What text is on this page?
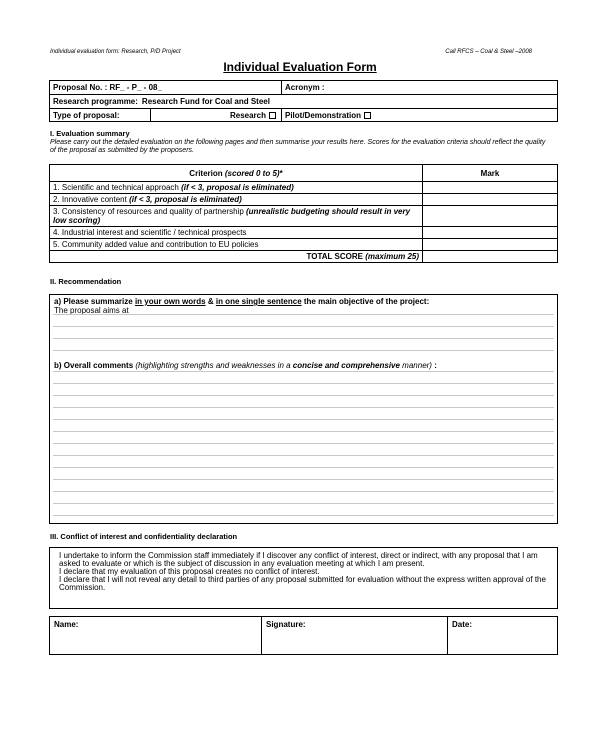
Individual evaluation form: Research, P/D Project	Call RFCS – Coal & Steel –2008
Individual Evaluation Form
Proposal No. : RF_ - P_ - 08_	Acronym :
Research programme: Research Fund for Coal and Steel
Type of proposal:	Research Pilot/Demonstration
I. Evaluation summary
Please carry out the detailed evaluation on the following pages and then summarise your results here. Scores for the evaluation criteria should reflect the quality of the proposal as submitted by the proposers.
Criterion (scored 0 to 5)*	Mark
1. Scientific and technical approach (if < 3, proposal is eliminated)	
2. Innovative content (if < 3, proposal is eliminated)	
3. Consistency of resources and quality of partnership (unrealistic budgeting should result in very low scoring)	
4. Industrial interest and scientific / technical prospects	
5. Community added value and contribution to EU policies	
TOTAL SCORE (maximum 25)	
II. Recommendation
a) Please summarize in your own words & in one single sentence the main objective of the project:
The proposal aims at
b) Overall comments (highlighting strengths and weaknesses in a concise and comprehensive manner) :
III. Conflict of interest and confidentiality declaration
I undertake to inform the Commission staff immediately if I discover any conflict of interest, direct or indirect, with any proposal that I am asked to evaluate or which is the subject of discussion in any evaluation meeting at which I am present.
I declare that my evaluation of this proposal creates no conflict of interest.
I declare that I will not reveal any detail to third parties of any proposal submitted for evaluation without the express written approval of the Commission.
Name:	Signature:	Date:
